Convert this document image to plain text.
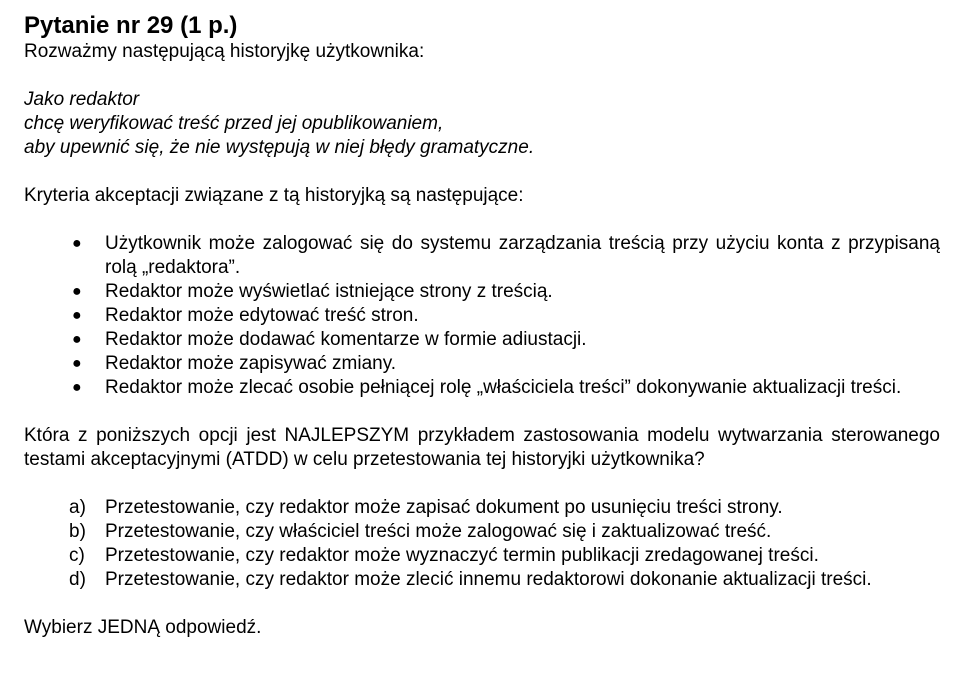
Pytanie nr 29 (1 p.)

Rozważmy następującą historyjkę użytkownika:

Jako redaktor

chcę weryfikować treść przed jej opublikowaniem,

aby upewnić się, że nie występują w niej błędy gramatyczne.

Kryteria akceptacji związane z tą historyjką są następujące:

● Użytkownik może zalogować się do systemu zarządzania treścią przy użyciu konta z przypisaną rolą „redaktora”.
● Redaktor może wyświetlać istniejące strony z treścią.
● Redaktor może edytować treść stron.
● Redaktor może dodawać komentarze w formie adiustacji.
● Redaktor może zapisywać zmiany.
● Redaktor może zlecać osobie pełniącej rolę „właściciela treści” dokonywanie aktualizacji treści.

Która z poniższych opcji jest NAJLEPSZYM przykładem zastosowania modelu wytwarzania sterowanego testami akceptacyjnymi (ATDD) w celu przetestowania tej historyjki użytkownika?

a) Przetestowanie, czy redaktor może zapisać dokument po usunięciu treści strony.
b) Przetestowanie, czy właściciel treści może zalogować się i zaktualizować treść.
c) Przetestowanie, czy redaktor może wyznaczyć termin publikacji zredagowanej treści.
d) Przetestowanie, czy redaktor może zlecić innemu redaktorowi dokonanie aktualizacji treści.

Wybierz JEDNĄ odpowiedź.
